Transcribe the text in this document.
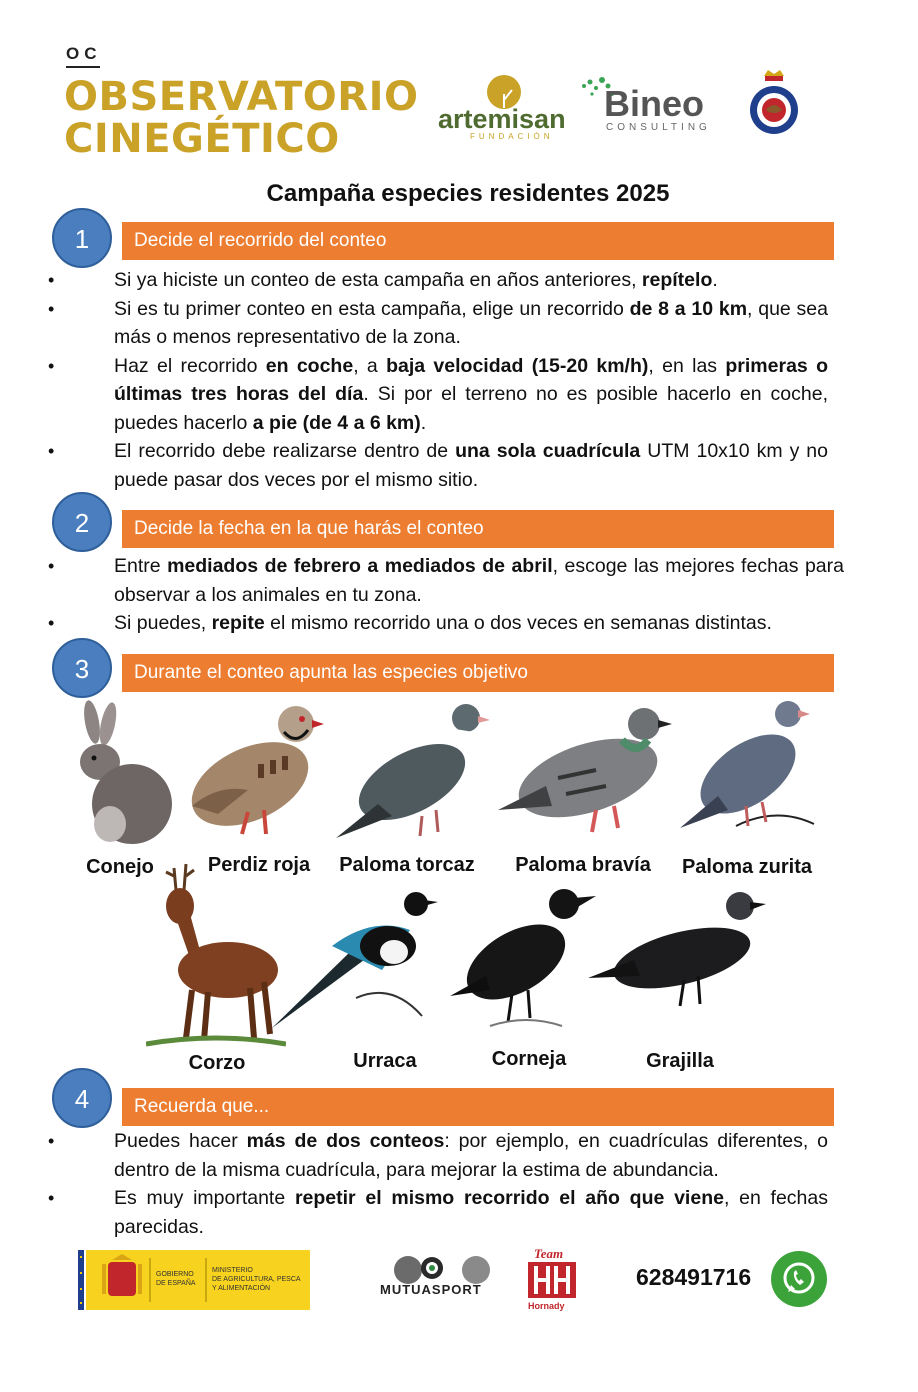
OC
OBSERVATORIO
CINEGÉTICO	artemisan
FUNDACIÓN
Bineo
CONSULTING
Campaña especies residentes 2025
1	Decide el recorrido del conteo
• Si ya hiciste un conteo de esta campaña en años anteriores, repítelo.
• Si es tu primer conteo en esta campaña, elige un recorrido de 8 a 10 km, que sea más o menos representativo de la zona.
• Haz el recorrido en coche, a baja velocidad (15-20 km/h), en las primeras o últimas tres horas del día. Si por el terreno no es posible hacerlo en coche, puedes hacerlo a pie (de 4 a 6 km).
• El recorrido debe realizarse dentro de una sola cuadrícula UTM 10x10 km y no puede pasar dos veces por el mismo sitio.
2	Decide la fecha en la que harás el conteo
• Entre mediados de febrero a mediados de abril, escoge las mejores fechas para observar a los animales en tu zona.
• Si puedes, repite el mismo recorrido una o dos veces en semanas distintas.
3	Durante el conteo apunta las especies objetivo
Conejo	Perdiz roja Paloma torcaz Paloma bravía Paloma zurita
Corzo	Urraca	Corneja	Grajilla
4	Recuerda que...
• Puedes hacer más de dos conteos: por ejemplo, en cuadrículas diferentes, o dentro de la misma cuadrícula, para mejorar la estima de abundancia.
• Es muy importante repetir el mismo recorrido el año que viene, en fechas parecidas.
GOBIERNO
DE ESPAÑA
MINISTERIO
DE AGRICULTURA, PESCA
Y ALIMENTACIÓN	MUTUASPORT
Team
Hornady
628491716
